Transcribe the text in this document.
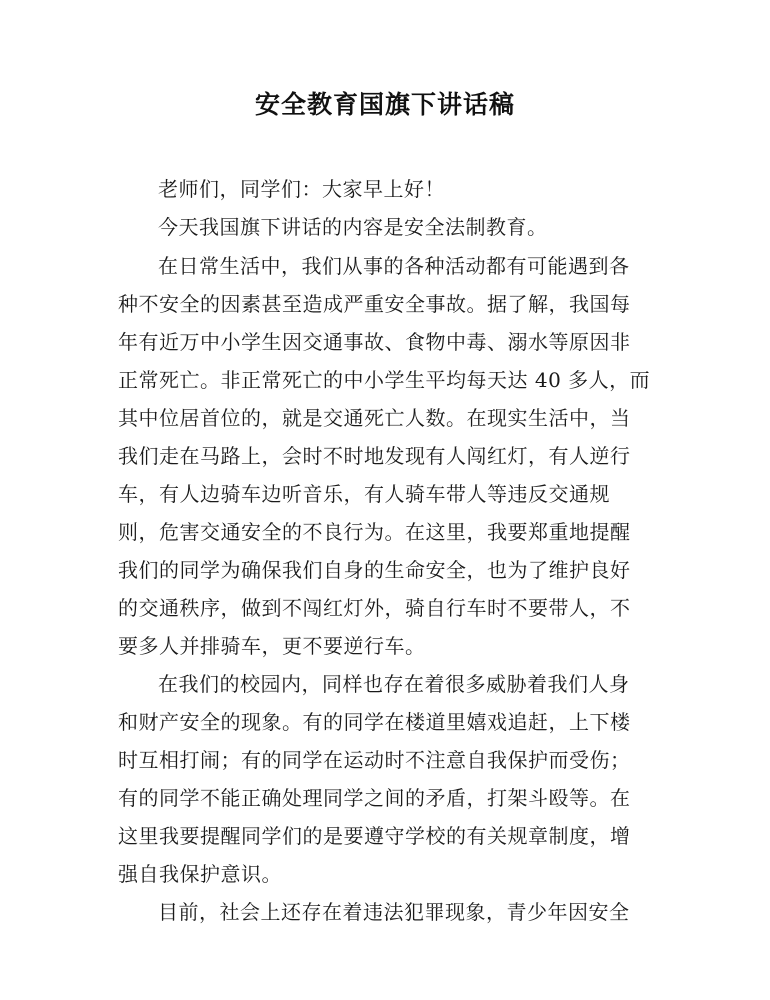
安全教育国旗下讲话稿
老师们，同学们：大家早上好！
今天我国旗下讲话的内容是安全法制教育。
在日常生活中，我们从事的各种活动都有可能遇到各
种不安全的因素甚至造成严重安全事故。据了解，我国每
年有近万中小学生因交通事故、食物中毒、溺水等原因非
正常死亡。非正常死亡的中小学生平均每天达 40 多人，而
其中位居首位的，就是交通死亡人数。在现实生活中，当
我们走在马路上，会时不时地发现有人闯红灯，有人逆行
车，有人边骑车边听音乐，有人骑车带人等违反交通规
则，危害交通安全的不良行为。在这里，我要郑重地提醒
我们的同学为确保我们自身的生命安全，也为了维护良好
的交通秩序，做到不闯红灯外，骑自行车时不要带人，不
要多人并排骑车，更不要逆行车。
在我们的校园内，同样也存在着很多威胁着我们人身
和财产安全的现象。有的同学在楼道里嬉戏追赶，上下楼
时互相打闹；有的同学在运动时不注意自我保护而受伤；
有的同学不能正确处理同学之间的矛盾，打架斗殴等。在
这里我要提醒同学们的是要遵守学校的有关规章制度，增
强自我保护意识。
目前，社会上还存在着违法犯罪现象，青少年因安全
